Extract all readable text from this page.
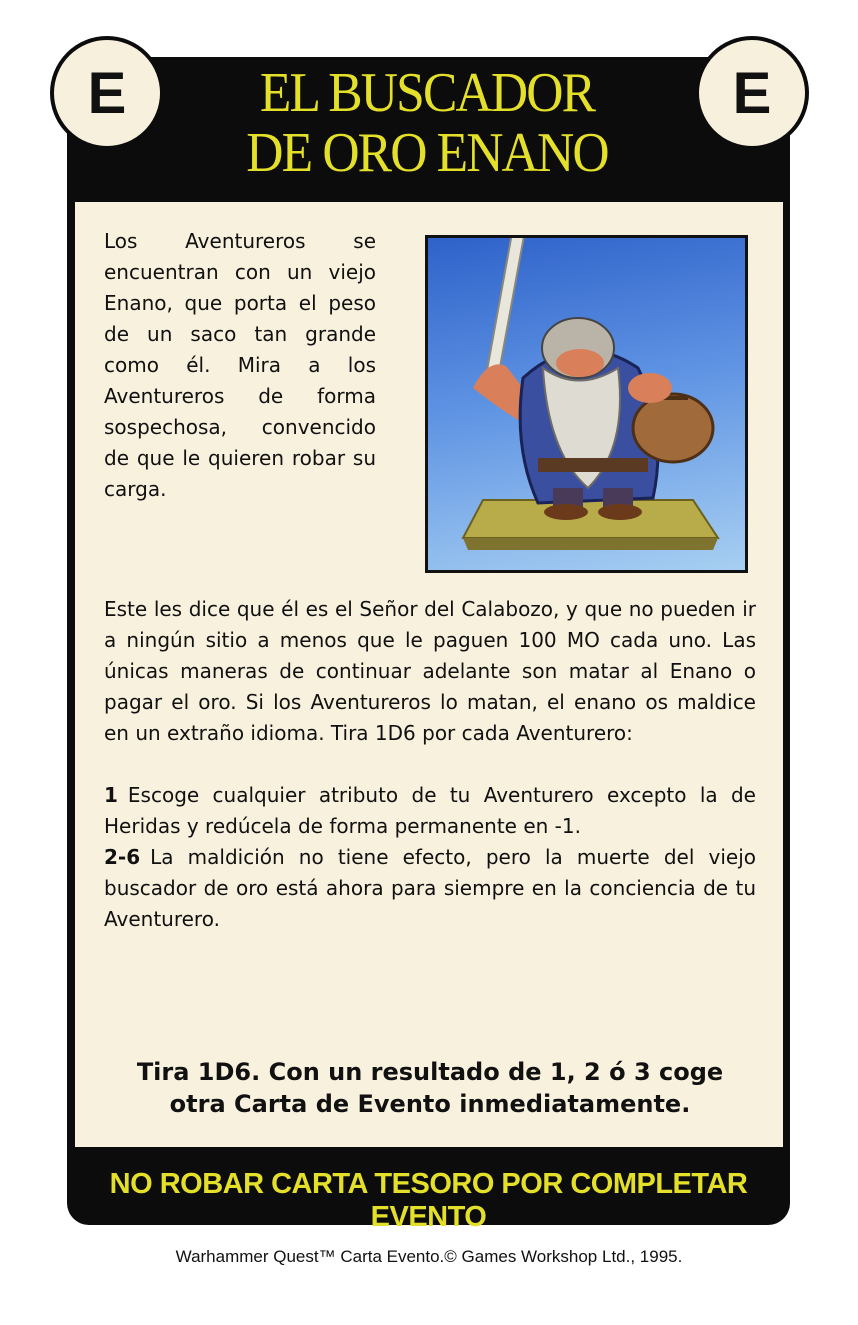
EL BUSCADOR
DE ORO ENANO
E	E
Los Aventureros se encuentran con un viejo Enano, que porta el peso de un saco tan grande como él. Mira a los Aventureros de forma sospechosa, convencido de que le quieren robar su carga.

Este les dice que él es el Señor del Calabozo, y que no pueden ir a ningún sitio a menos que le paguen 100 MO cada uno. Las únicas maneras de continuar adelante son matar al Enano o pagar el oro. Si los Aventureros lo matan, el enano os maldice en un extraño idioma. Tira 1D6 por cada Aventurero:

1 Escoge cualquier atributo de tu Aventurero excepto la de Heridas y redúcela de forma permanente en -1.

2-6 La maldición no tiene efecto, pero la muerte del viejo buscador de oro está ahora para siempre en la conciencia de tu Aventurero.

Tira 1D6. Con un resultado de 1, 2 ó 3 coge
otra Carta de Evento inmediatamente.
NO ROBAR CARTA TESORO POR COMPLETAR EVENTO
Warhammer Quest™ Carta Evento.© Games Workshop Ltd., 1995.
